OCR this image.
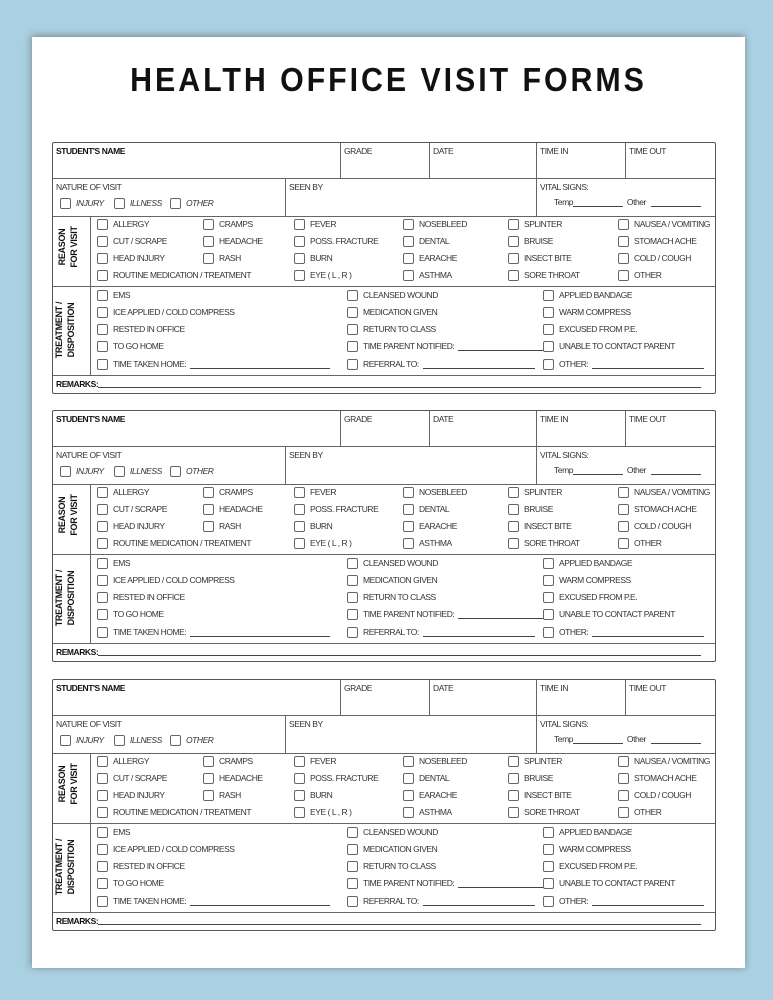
HEALTH OFFICE VISIT FORMS
STUDENT'S NAME	GRADE	DATE	TIME IN	TIME OUT
NATURE OF VISIT
INJURY	ILLNESS	OTHER
SEEN BY	VITAL SIGNS:
Temp	Other
REASON FOR VISIT
ALLERGY	CRAMPS	FEVER	NOSEBLEED	SPLINTER	NAUSEA / VOMITING
CUT / SCRAPE	HEADACHE	POSS. FRACTURE	DENTAL	BRUISE	STOMACH ACHE
HEAD INJURY	RASH	BURN	EARACHE	INSECT BITE	COLD / COUGH
ROUTINE MEDICATION / TREATMENT	EYE ( L , R )	ASTHMA	SORE THROAT	OTHER
TREATMENT / DISPOSITION
EMS	CLEANSED WOUND	APPLIED BANDAGE
ICE APPLIED / COLD COMPRESS	MEDICATION GIVEN	WARM COMPRESS
RESTED IN OFFICE	RETURN TO CLASS	EXCUSED FROM P.E.
TO GO HOME	TIME PARENT NOTIFIED:	UNABLE TO CONTACT PARENT
TIME TAKEN HOME:	REFERRAL TO:	OTHER:
REMARKS:
STUDENT'S NAME	GRADE	DATE	TIME IN	TIME OUT
NATURE OF VISIT
INJURY	ILLNESS	OTHER
SEEN BY	VITAL SIGNS:
Temp	Other
REASON FOR VISIT
ALLERGY	CRAMPS	FEVER	NOSEBLEED	SPLINTER	NAUSEA / VOMITING
CUT / SCRAPE	HEADACHE	POSS. FRACTURE	DENTAL	BRUISE	STOMACH ACHE
HEAD INJURY	RASH	BURN	EARACHE	INSECT BITE	COLD / COUGH
ROUTINE MEDICATION / TREATMENT	EYE ( L , R )	ASTHMA	SORE THROAT	OTHER
TREATMENT / DISPOSITION
EMS	CLEANSED WOUND	APPLIED BANDAGE
ICE APPLIED / COLD COMPRESS	MEDICATION GIVEN	WARM COMPRESS
RESTED IN OFFICE	RETURN TO CLASS	EXCUSED FROM P.E.
TO GO HOME	TIME PARENT NOTIFIED:	UNABLE TO CONTACT PARENT
TIME TAKEN HOME:	REFERRAL TO:	OTHER:
REMARKS:
STUDENT'S NAME	GRADE	DATE	TIME IN	TIME OUT
NATURE OF VISIT
INJURY	ILLNESS	OTHER
SEEN BY	VITAL SIGNS:
Temp	Other
REASON FOR VISIT
ALLERGY	CRAMPS	FEVER	NOSEBLEED	SPLINTER	NAUSEA / VOMITING
CUT / SCRAPE	HEADACHE	POSS. FRACTURE	DENTAL	BRUISE	STOMACH ACHE
HEAD INJURY	RASH	BURN	EARACHE	INSECT BITE	COLD / COUGH
ROUTINE MEDICATION / TREATMENT	EYE ( L , R )	ASTHMA	SORE THROAT	OTHER
TREATMENT / DISPOSITION
EMS	CLEANSED WOUND	APPLIED BANDAGE
ICE APPLIED / COLD COMPRESS	MEDICATION GIVEN	WARM COMPRESS
RESTED IN OFFICE	RETURN TO CLASS	EXCUSED FROM P.E.
TO GO HOME	TIME PARENT NOTIFIED:	UNABLE TO CONTACT PARENT
TIME TAKEN HOME:	REFERRAL TO:	OTHER:
REMARKS:
